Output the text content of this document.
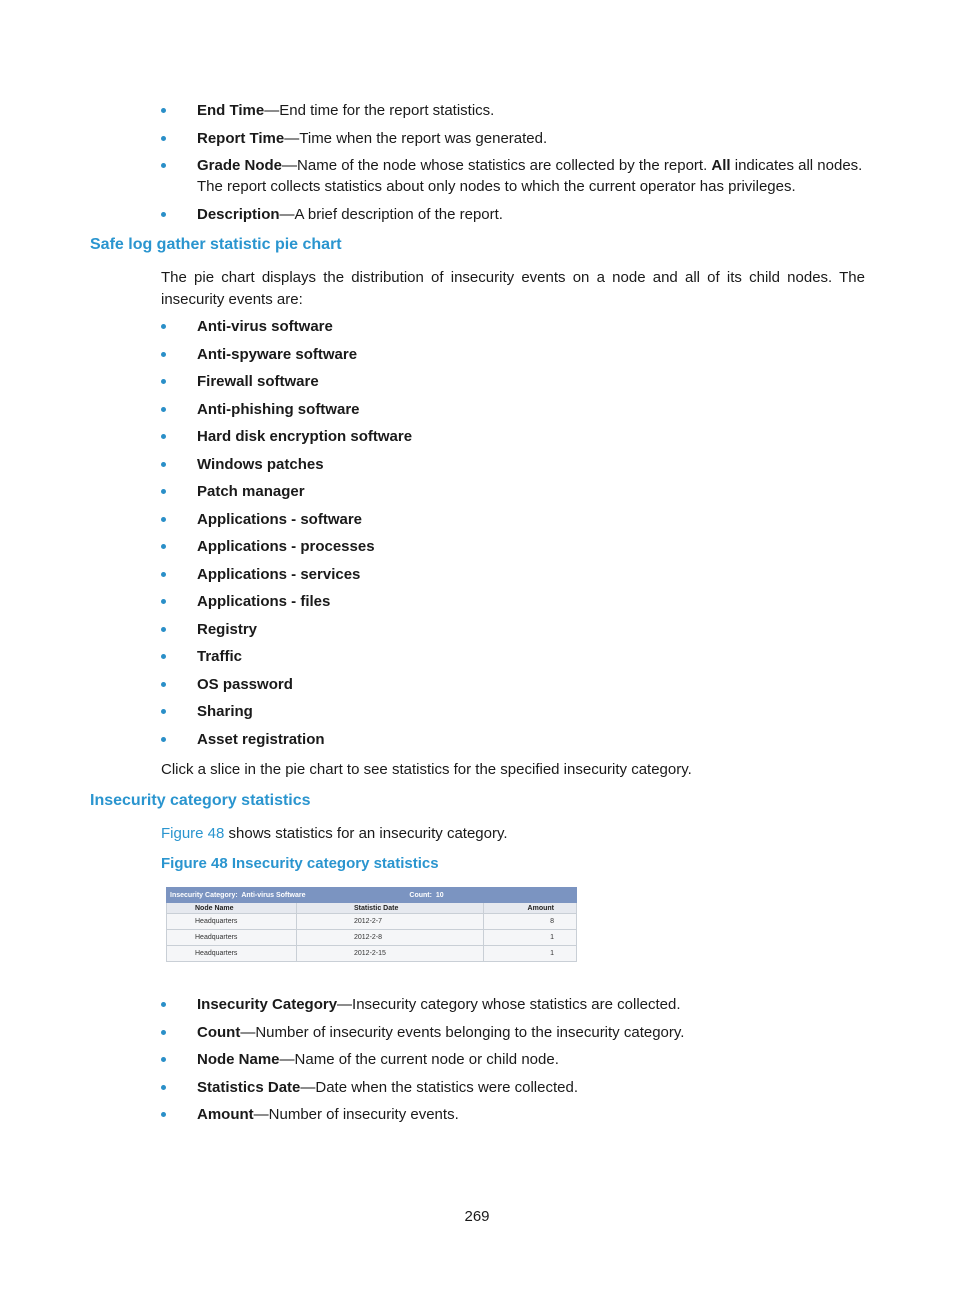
End Time—End time for the report statistics.
Report Time—Time when the report was generated.
Grade Node—Name of the node whose statistics are collected by the report. All indicates all nodes. The report collects statistics about only nodes to which the current operator has privileges.
Description—A brief description of the report.
Safe log gather statistic pie chart
The pie chart displays the distribution of insecurity events on a node and all of its child nodes. The insecurity events are:
Anti-virus software
Anti-spyware software
Firewall software
Anti-phishing software
Hard disk encryption software
Windows patches
Patch manager
Applications - software
Applications - processes
Applications - services
Applications - files
Registry
Traffic
OS password
Sharing
Asset registration
Click a slice in the pie chart to see statistics for the specified insecurity category.
Insecurity category statistics
Figure 48 shows statistics for an insecurity category.
Figure 48 Insecurity category statistics
Insecurity Category: Anti-virus Software Count: 10		
Node Name	Statistic Date	Amount
Headquarters	2012-2-7	8
Headquarters	2012-2-8	1
Headquarters	2012-2-15	1
Insecurity Category—Insecurity category whose statistics are collected.
Count—Number of insecurity events belonging to the insecurity category.
Node Name—Name of the current node or child node.
Statistics Date—Date when the statistics were collected.
Amount—Number of insecurity events.
269
